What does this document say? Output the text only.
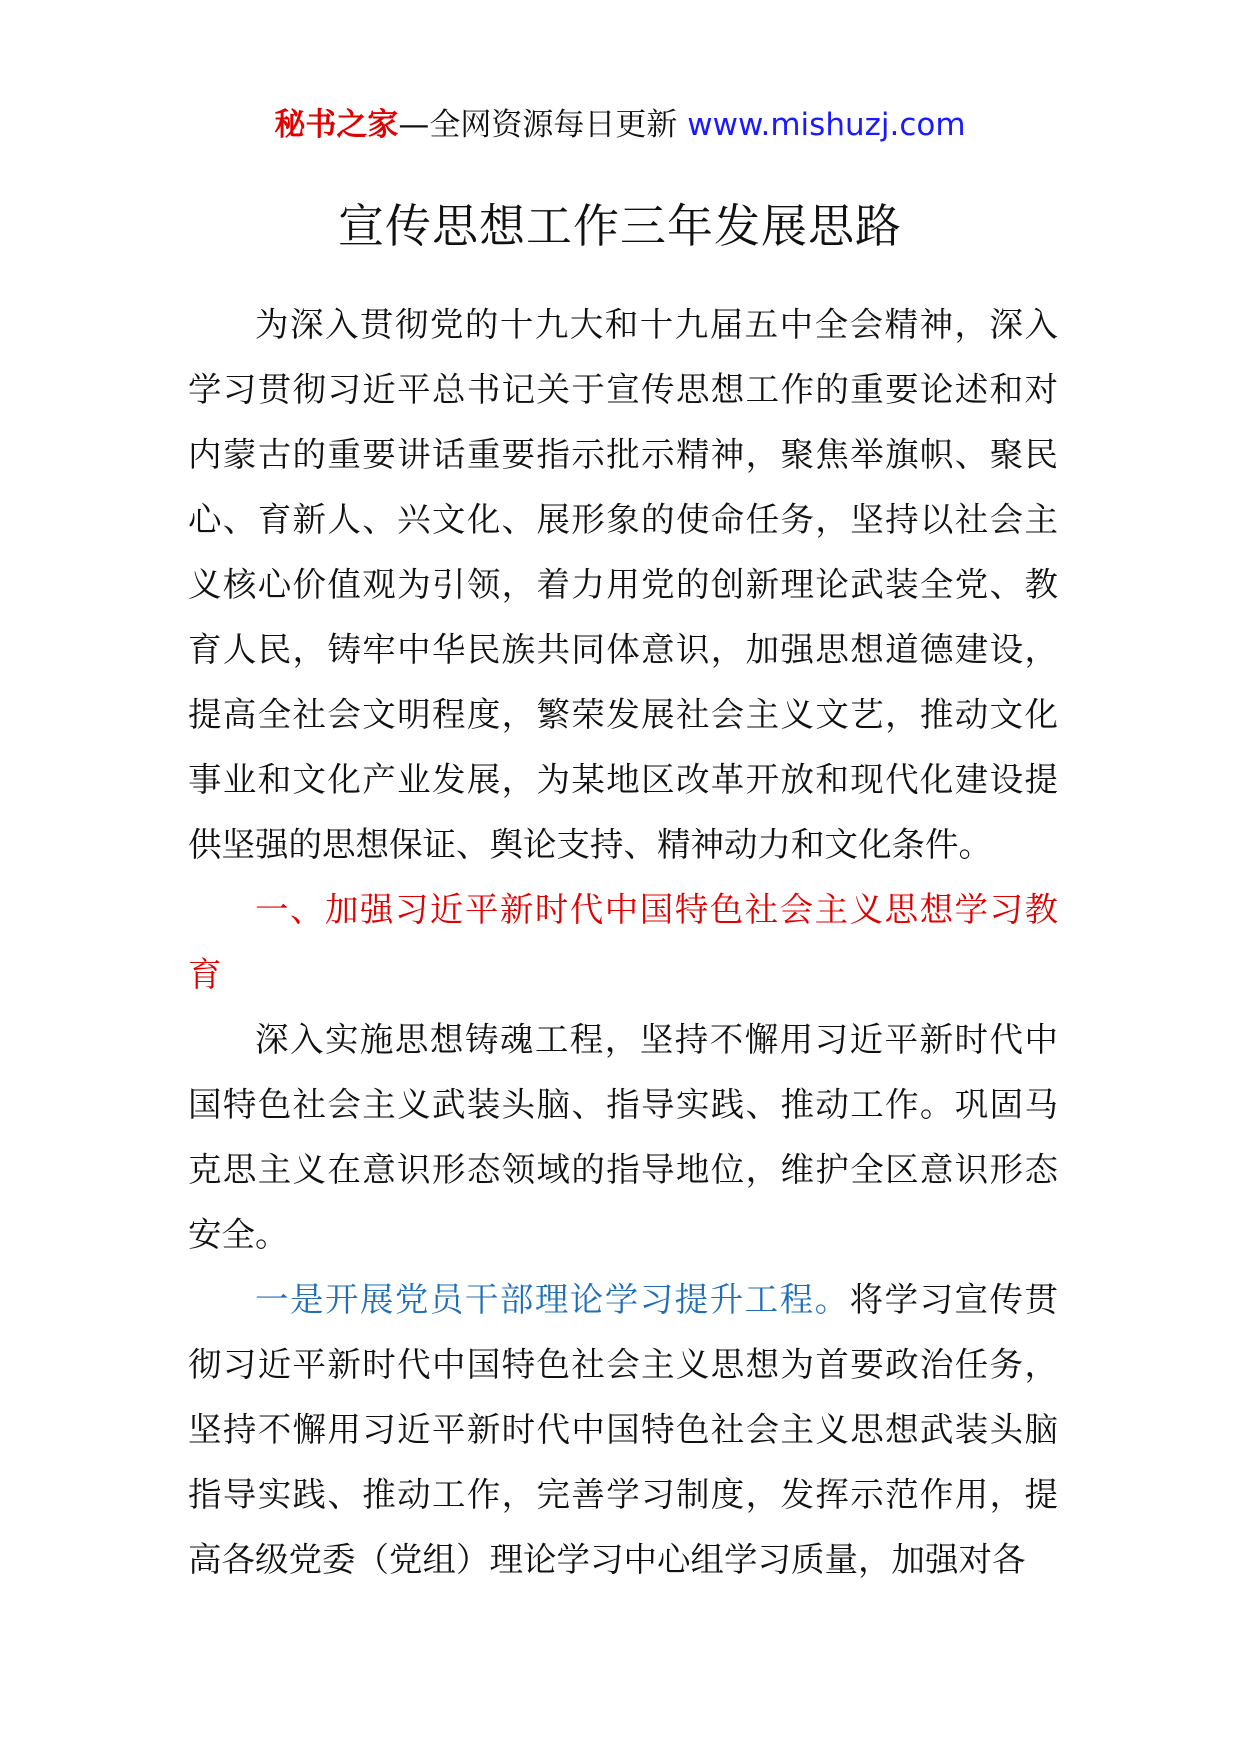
秘书之家—全网资源每日更新 www.mishuzj.com
宣传思想工作三年发展思路

为深入贯彻党的十九大和十九届五中全会精神，深入学习贯彻习近平总书记关于宣传思想工作的重要论述和对内蒙古的重要讲话重要指示批示精神，聚焦举旗帜、聚民心、育新人、兴文化、展形象的使命任务，坚持以社会主义核心价值观为引领，着力用党的创新理论武装全党、教育人民，铸牢中华民族共同体意识，加强思想道德建设，提高全社会文明程度，繁荣发展社会主义文艺，推动文化事业和文化产业发展，为某地区改革开放和现代化建设提供坚强的思想保证、舆论支持、精神动力和文化条件。

一、加强习近平新时代中国特色社会主义思想学习教育

深入实施思想铸魂工程，坚持不懈用习近平新时代中国特色社会主义武装头脑、指导实践、推动工作。巩固马克思主义在意识形态领域的指导地位，维护全区意识形态安全。

一是开展党员干部理论学习提升工程。将学习宣传贯彻习近平新时代中国特色社会主义思想为首要政治任务，坚持不懈用习近平新时代中国特色社会主义思想武装头脑指导实践、推动工作，完善学习制度，发挥示范作用，提高各级党委（党组）理论学习中心组学习质量，加强对各
